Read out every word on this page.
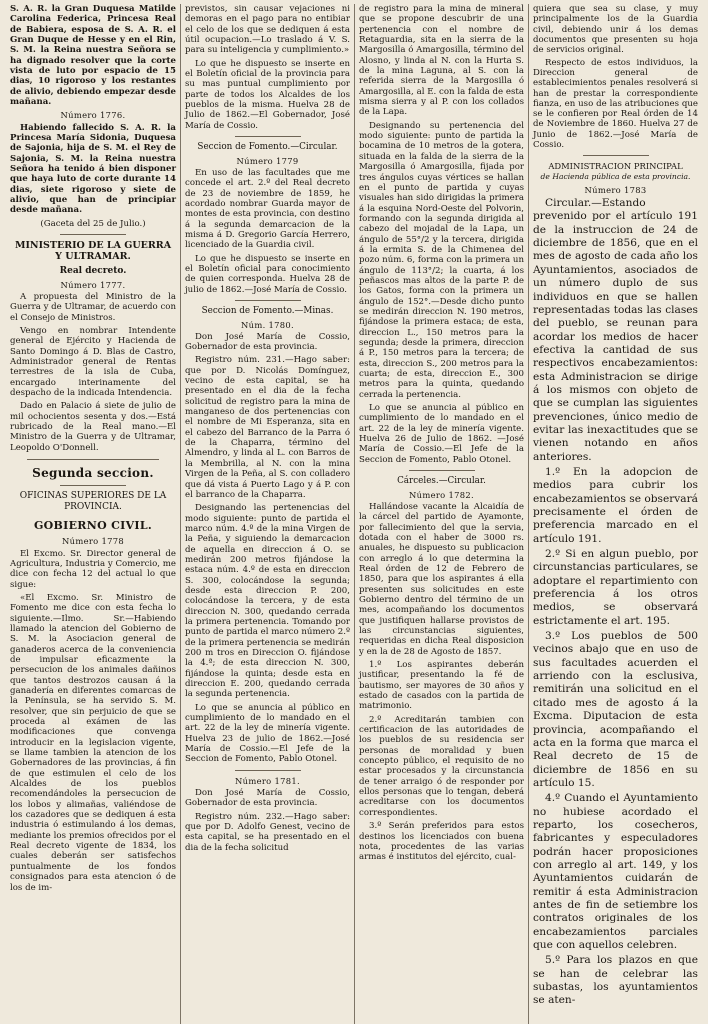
S. A. R. la Gran Duquesa Matilde Carolina Federica, Princesa Real de Babiera, esposa de S. A. R. el Gran Duque de Hesse y en el Rin, S. M. la Reina nuestra Señora se ha dignado resolver que la corte vista de luto por espacio de 15 dias, 10 rigoroso y los restantes de alivio, debiendo empezar desde mañana.

Número 1776.

Habiendo fallecido S. A. R. la Princesa María Sidonia, Duquesa de Sajonia, hija de S. M. el Rey de Sajonia, S. M. la Reina nuestra Señora ha tenido á bien disponer que haya luto de corte durante 14 dias, siete rigoroso y siete de alivio, que han de principiar desde mañana.

(Gaceta del 25 de Julio.)
MINISTERIO DE LA GUERRA Y ULTRAMAR.
Real decreto.
Número 1777.

A propuesta del Ministro de la Guerra y de Ultramar, de acuerdo con el Consejo de Ministros.

Vengo en nombrar Intendente general de Ejército y Hacienda de Santo Domingo á D. Blas de Castro, Administrador general de Rentas terrestres de la isla de Cuba, encargado interinamente del despacho de la indicada Intendencia.

Dado en Palacio á siete de julio de mil ochocientos sesenta y dos.—Está rubricado de la Real mano.—El Ministro de la Guerra y de Ultramar, Leopoldo O'Donnell.

Segunda seccion.
OFICINAS SUPERIORES DE LA PROVINCIA.
GOBIERNO CIVIL.
Número 1778

El Excmo. Sr. Director general de Agricultura, Industria y Comercio, me dice con fecha 12 del actual lo que sigue:

«El Excmo. Sr. Ministro de Fomento me dice con esta fecha lo siguiente.—Ilmo. Sr.—Habiendo llamado la atencion del Gobierno de S. M. la Asociacion general de ganaderos acerca de la conveniencia de impulsar eficazmente la persecucion de los animales dañinos que tantos destrozos causan á la ganadería en diferentes comarcas de la Península, se ha servido S. M. resolver, que sin perjuicio de que se proceda al exámen de las modificaciones que convenga introducir en la legislacion vigente, se llame tambien la atencion de los Gobernadores de las provincias, á fin de que estimulen el celo de los Alcaldes de los pueblos recomendándoles la persecucion de los lobos y alimañas, valiéndose de los cazadores que se dediquen á esta industria ó estimulando á los demas, mediante los premios ofrecidos por el Real decreto vigente de 1834, los cuales deberán ser satisfechos puntualmente de los fondos consignados para esta atencion ó de los de im-

previstos, sin causar vejaciones ni demoras en el pago para no entibiar el celo de los que se dediquen á esta útil ocupacion.—Lo traslado á V. S. para su inteligencia y cumplimiento.»

Lo que he dispuesto se inserte en el Boletín oficial de la provincia para su mas puntual cumplimiento por parte de todos los Alcaldes de los pueblos de la misma. Huelva 28 de Julio de 1862.—El Gobernador, José María de Cossio.

Seccion de Fomento.—Circular.
Número 1779

En uso de las facultades que me concede el art. 2.º del Real decreto de 23 de noviembre de 1859, he acordado nombrar Guarda mayor de montes de esta provincia, con destino á la segunda demarcacion de la misma á D. Gregorio García Herrero, licenciado de la Guardia civil.

Lo que he dispuesto se inserte en el Boletín oficial para conocimiento de quien corresponda. Huelva 28 de julio de 1862.—José María de Cossio.

Seccion de Fomento.—Minas.
Núm. 1780.

Don José María de Cossio, Gobernador de esta provincia.

Registro núm. 231.—Hago saber: que por D. Nicolás Domínguez, vecino de esta capital, se ha presentado en el dia de la fecha solicitud de registro para la mina de manganeso de dos pertenencias con el nombre de Mi Esperanza, sita en el cabezo del Barranco de la Parra ó de la Chaparra, término del Almendro, y linda al L. con Barros de la Membrilla, al N. con la mina Virgen de la Peña, al S. con colladero que dá vista á Puerto Lago y á P. con el barranco de la Chaparra.

Designando las pertenencias del modo siguiente: punto de partida el marco núm. 4.º de la mina Virgen de la Peña, y siguiendo la demarcacion de aquella en direccion á O. se medirán 200 metros fijándose la estaca núm. 4.º de esta en direccion S. 300, colocándose la segunda; desde esta direccion P. 200, colocándose la tercera, y de esta direccion N. 300, quedando cerrada la primera pertenencia. Tomando por punto de partida el marco número 2.º de la primera pertenencia se medirán 200 m tros en Direccion O. fijándose la 4.ª; de esta direccion N. 300, fijándose la quinta; desde esta en direccion E. 200, quedando cerrada la segunda pertenencia.

Lo que se anuncia al público en cumplimiento de lo mandado en el art. 22 de la ley de minería vigente. Huelva 23 de julio de 1862.—José María de Cossio.—El Jefe de la Seccion de Fomento, Pablo Otonel.

Número 1781.

Don José María de Cossio, Gobernador de esta provincia.

Registro núm. 232.—Hago saber: que por D. Adolfo Genest, vecino de esta capital, se ha presentado en el dia de la fecha solicitud

de registro para la mina de mineral que se propone descubrir de una pertenencia con el nombre de Retaguardia, sita en la sierra de la Margosilla ó Amargosilla, término del Alosno, y linda al N. con la Hurta S. de la mina Laguna, al S. con la referida sierra de la Margosilla ó Amargosilla, al E. con la falda de esta misma sierra y al P. con los collados de la Lapa.

Designando su pertenencia del modo siguiente: punto de partida la bocamina de 10 metros de la gotera, situada en la falda de la sierra de la Margosilla ó Amargosilla, fijada por tres ángulos cuyas vértices se hallan en el punto de partida y cuyas visuales han sido dirigidas la primera á la esquina Nord-Oeste del Polvorin, formando con la segunda dirigida al cabezo del mojadal de la Lapa, un ángulo de 55°/2 y la tercera, dirigida á la ermita S. de la Chimenea del pozo núm. 6, forma con la primera un ángulo de 113°/2; la cuarta, á los peñascos mas altos de la parte P. de los Gatos, forma con la primera un ángulo de 152°.—Desde dicho punto se medirán direccion N. 190 metros, fijándose la primera estaca; de esta, direccion L., 150 metros para la segunda; desde la primera, direccion á P., 150 metros para la tercera; de esta, direccion S., 200 metros para la cuarta; de esta, direccion E., 300 metros para la quinta, quedando cerrada la pertenencia.

Lo que se anuncia al público en cumplimiento de lo mandado en el art. 22 de la ley de minería vigente. Huelva 26 de Julio de 1862. —José María de Cossio.—El Jefe de la Seccion de Fomento, Pablo Otonel.

Cárceles.—Circular.
Número 1782.

Hallándose vacante la Alcaidía de la cárcel del partido de Ayamonte, por fallecimiento del que la servia, dotada con el haber de 3000 rs. anuales, he dispuesto su publicacion con arreglo á lo que determina la Real órden de 12 de Febrero de 1850, para que los aspirantes á ella presenten sus solicitudes en este Gobierno dentro del término de un mes, acompañando los documentos que justifiquen hallarse provistos de las circunstancias siguientes, requeridas en dicha Real disposicion y en la de 28 de Agosto de 1857.

1.º Los aspirantes deberán justificar, presentando la fé de bautismo, ser mayores de 30 años y estado de casados con la partida de matrimonio.

2.º Acreditarán tambien con certificacion de las autoridades de los pueblos de su residencia ser personas de moralidad y buen concepto público, el requisito de no estar procesados y la circunstancia de tener arraigo ó de responder por ellos personas que lo tengan, deberá acreditarse con los documentos correspondientes.

3.º Serán preferidos para estos destinos los licenciados con buena nota, procedentes de las varias armas é institutos del ejército, cual-

quiera que sea su clase, y muy principalmente los de la Guardia civil, debiendo unir á los demas documentos que presenten su hoja de servicios original.

Respecto de estos individuos, la Direccion general de establecimientos penales resolverá si han de prestar la correspondiente fianza, en uso de las atribuciones que se le confieren por Real órden de 14 de Noviembre de 1860. Huelva 27 de Junio de 1862.—José María de Cossio.

ADMINISTRACION PRINCIPAL
de Hacienda pública de esta provincia.
Número 1783

Circular.—Estando prevenido por el artículo 191 de la instruccion de 24 de diciembre de 1856, que en el mes de agosto de cada año los Ayuntamientos, asociados de un número duplo de sus individuos en que se hallen representadas todas las clases del pueblo, se reunan para acordar los medios de hacer efectiva la cantidad de sus respectivos encabezamientos: esta Administracion se dirige á los mismos con objeto de que se cumplan las siguientes prevenciones, único medio de evitar las inexactitudes que se vienen notando en años anteriores.

1.º En la adopcion de medios para cubrir los encabezamientos se observará precisamente el órden de preferencia marcado en el artículo 191.

2.º Si en algun pueblo, por circunstancias particulares, se adoptare el repartimiento con preferencia á los otros medios, se observará estrictamente el art. 195.

3.º Los pueblos de 500 vecinos abajo que en uso de sus facultades acuerden el arriendo con la esclusiva, remitirán una solicitud en el citado mes de agosto á la Excma. Diputacion de esta provincia, acompañando el acta en la forma que marca el Real decreto de 15 de diciembre de 1856 en su artículo 15.

4.º Cuando el Ayuntamiento no hubiese acordado el reparto, los cosecheros, fabricantes y especuladores podrán hacer proposiciones con arreglo al art. 149, y los Ayuntamientos cuidarán de remitir á esta Administracion antes de fin de setiembre los contratos originales de los encabezamientos parciales que con aquellos celebren.

5.º Para los plazos en que se han de celebrar las subastas, los ayuntamientos se aten-
